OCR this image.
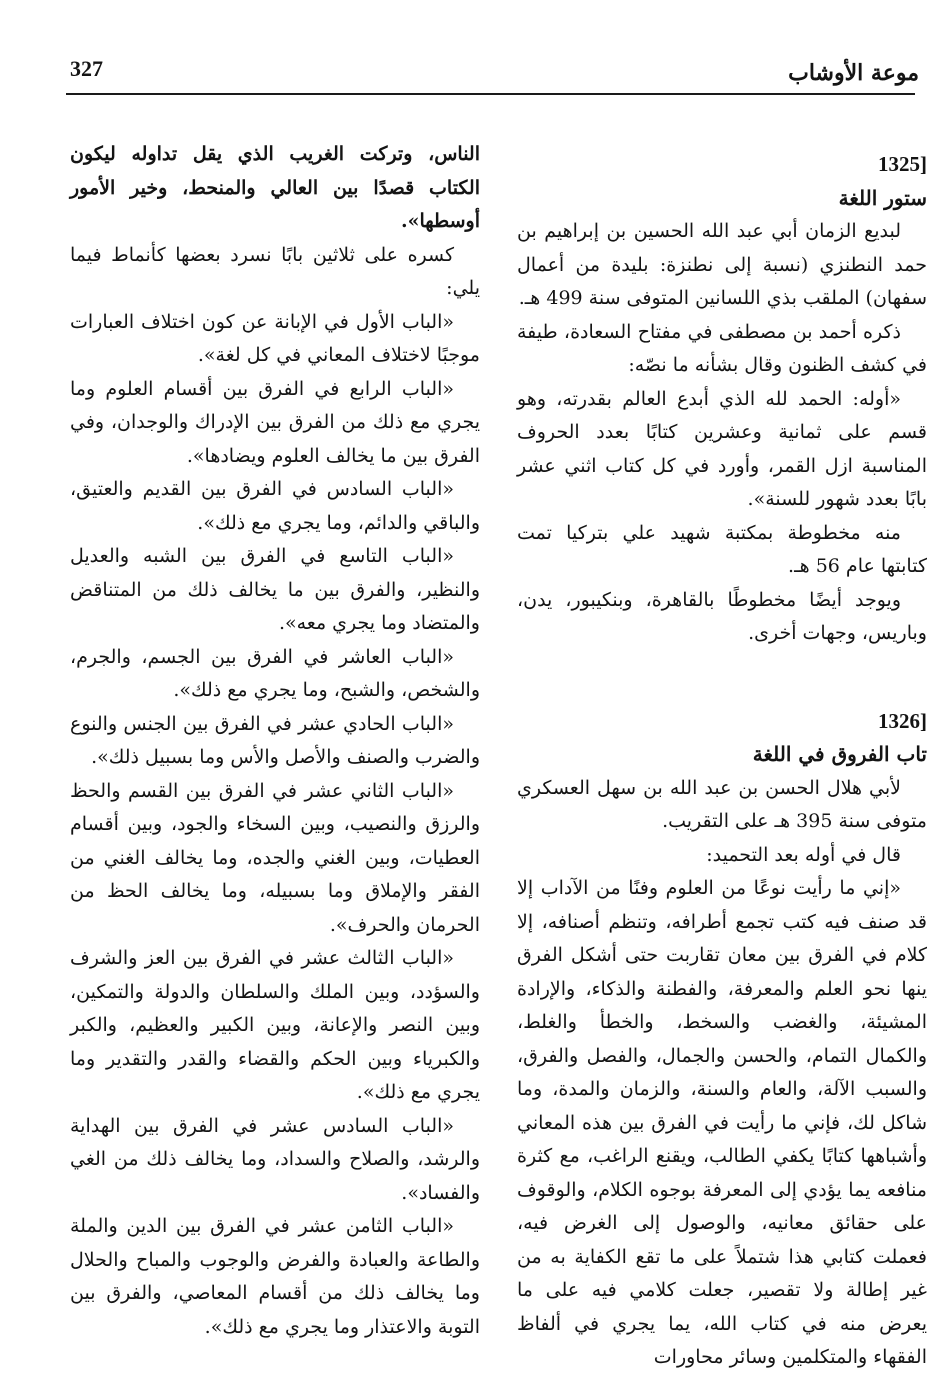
327	موعة الأوشاب
[1325

ستور اللغة

لبديع الزمان أبي عبد الله الحسين بن إبراهيم بن حمد النطنزي (نسبة إلى نطنزة: بليدة من أعمال سفهان) الملقب بذي اللسانين المتوفى سنة 499 هـ.

ذكره أحمد بن مصطفى في مفتاح السعادة، طيفة في كشف الظنون وقال بشأنه ما نصّه:

«أوله: الحمد لله الذي أبدع العالم بقدرته، وهو قسم على ثمانية وعشرين كتابًا بعدد الحروف المناسبة ازل القمر، وأورد في كل كتاب اثني عشر بابًا بعدد شهور للسنة».

منه مخطوطة بمكتبة شهيد علي بتركيا تمت كتابتها عام 56 هـ.

ويوجد أيضًا مخطوطًا بالقاهرة، وبنكيبور، يدن، وباريس، وجهات أخرى.

[1326

تاب الفروق في اللغة

لأبي هلال الحسن بن عبد الله بن سهل العسكري متوفى سنة 395 هـ على التقريب.

قال في أوله بعد التحميد:

«إني ما رأيت نوعًا من العلوم وفنًا من الآداب إلا قد صنف فيه كتب تجمع أطرافه، وتنظم أصنافه، إلا كلام في الفرق بين معان تقاربت حتى أشكل الفرق ينها نحو العلم والمعرفة، والفطنة والذكاء، والإرادة المشيئة، والغضب والسخط، والخطأ والغلط، والكمال التمام، والحسن والجمال، والفصل والفرق، والسبب الآلة، والعام والسنة، والزمان والمدة، وما شاكل لك، فإني ما رأيت في الفرق بين هذه المعاني وأشباهها كتابًا يكفي الطالب، ويقنع الراغب، مع كثرة منافعه يما يؤدي إلى المعرفة بوجوه الكلام، والوقوف على حقائق معانيه، والوصول إلى الغرض فيه، فعملت كتابي هذا شتملاً على ما تقع الكفاية به من غير إطالة ولا تقصير، جعلت كلامي فيه على ما يعرض منه في كتاب الله، يما يجري في ألفاظ الفقهاء والمتكلمين وسائر محاورات

الناس، وتركت الغريب الذي يقل تداوله ليكون الكتاب قصدًا بين العالي والمنحط، وخير الأمور أوسطها».

كسره على ثلاثين بابًا نسرد بعضها كأنماط فيما يلي:

«الباب الأول في الإبانة عن كون اختلاف العبارات موجبًا لاختلاف المعاني في كل لغة».

«الباب الرابع في الفرق بين أقسام العلوم وما يجري مع ذلك من الفرق بين الإدراك والوجدان، وفي الفرق بين ما يخالف العلوم ويضادها».

«الباب السادس في الفرق بين القديم والعتيق، والباقي والدائم، وما يجري مع ذلك».

«الباب التاسع في الفرق بين الشبه والعديل والنظير، والفرق بين ما يخالف ذلك من المتناقض والمتضاد وما يجري معه».

«الباب العاشر في الفرق بين الجسم، والجرم، والشخص، والشبح، وما يجري مع ذلك».

«الباب الحادي عشر في الفرق بين الجنس والنوع والضرب والصنف والأصل والأس وما بسبيل ذلك».

«الباب الثاني عشر في الفرق بين القسم والحظ والرزق والنصيب، وبين السخاء والجود، وبين أقسام العطيات، وبين الغني والجده، وما يخالف الغني من الفقر والإملاق وما بسبيله، وما يخالف الحظ من الحرمان والحرف».

«الباب الثالث عشر في الفرق بين العز والشرف والسؤدد، وبين الملك والسلطان والدولة والتمكين، وبين النصر والإعانة، وبين الكبير والعظيم، والكبر والكبرياء وبين الحكم والقضاء والقدر والتقدير وما يجري مع ذلك».

«الباب السادس عشر في الفرق بين الهداية والرشد، والصلاح والسداد، وما يخالف ذلك من الغي والفساد».

«الباب الثامن عشر في الفرق بين الدين والملة والطاعة والعبادة والفرض والوجوب والمباح والحلال وما يخالف ذلك من أقسام المعاصي، والفرق بين التوبة والاعتذار وما يجري مع ذلك».
